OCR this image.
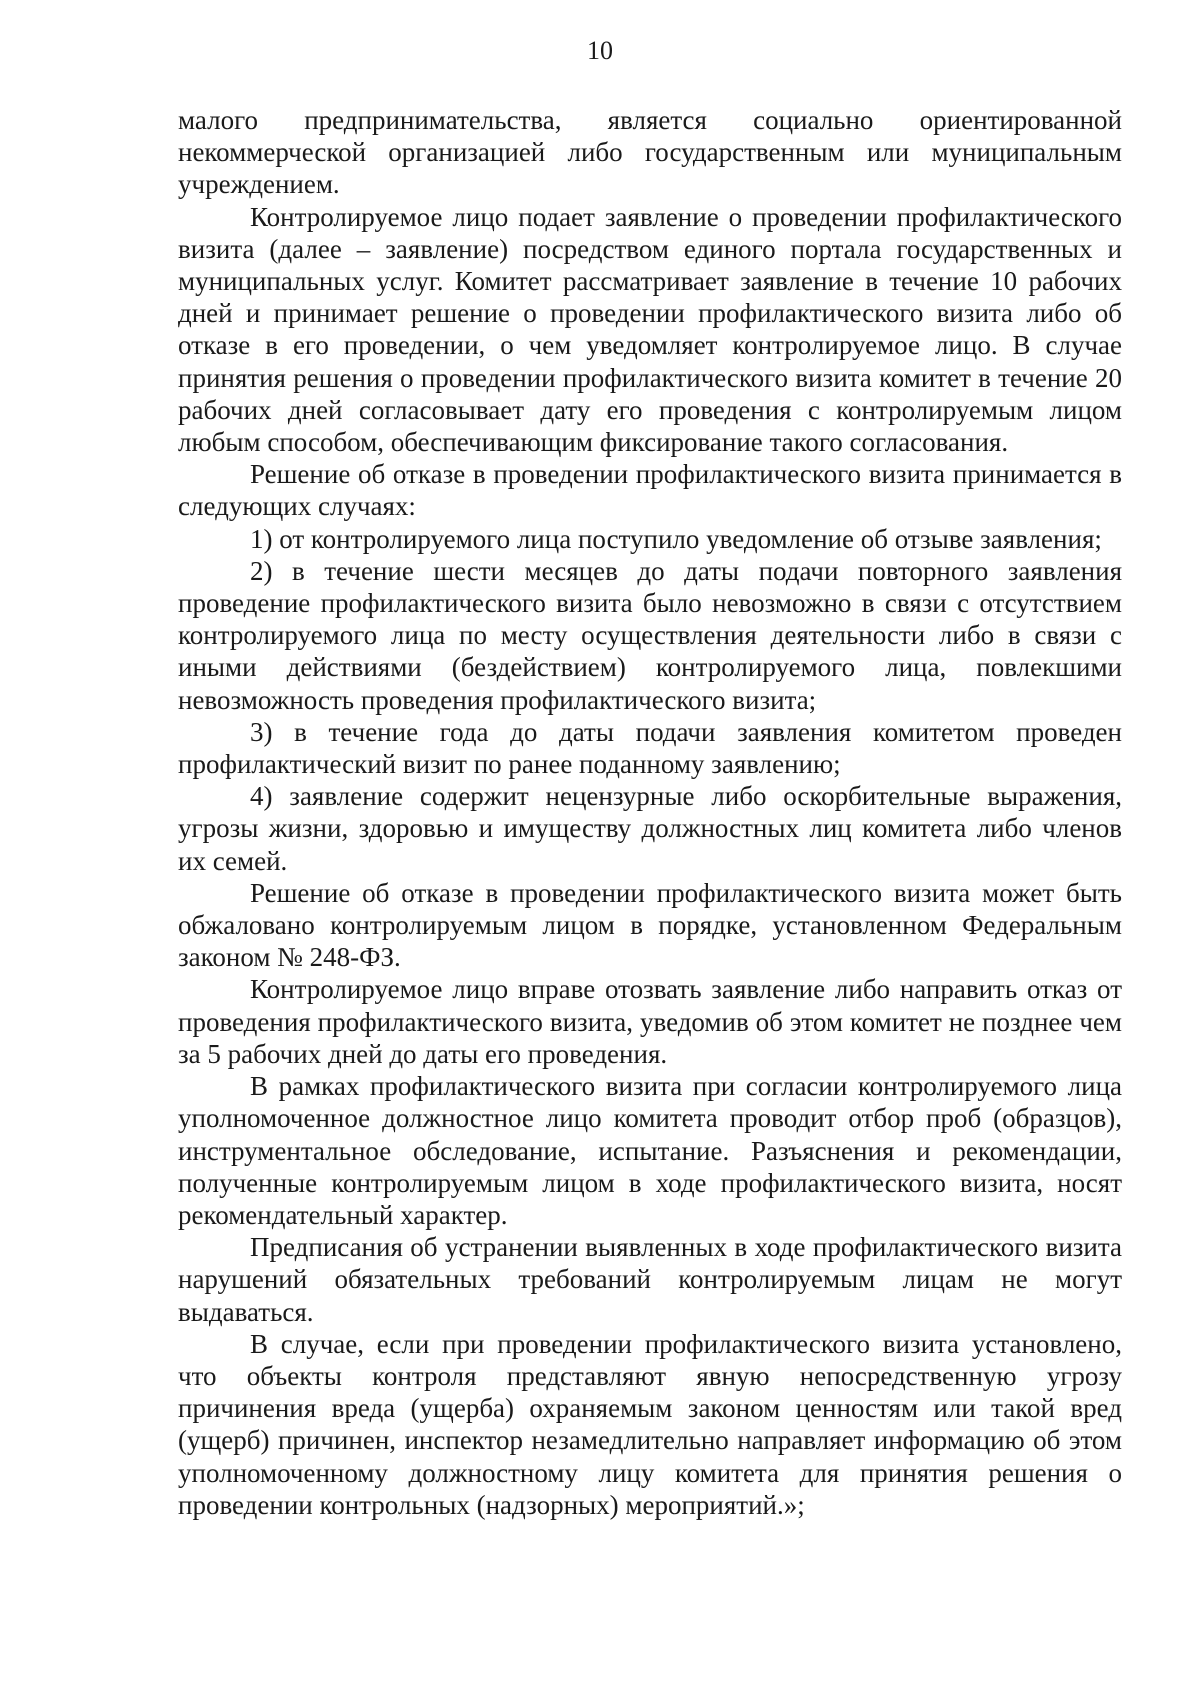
10

малого предпринимательства, является социально ориентированной некоммерческой организацией либо государственным или муниципальным учреждением.

Контролируемое лицо подает заявление о проведении профилактического визита (далее – заявление) посредством единого портала государственных и муниципальных услуг. Комитет рассматривает заявление в течение 10 рабочих дней и принимает решение о проведении профилактического визита либо об отказе в его проведении, о чем уведомляет контролируемое лицо. В случае принятия решения о проведении профилактического визита комитет в течение 20 рабочих дней согласовывает дату его проведения с контролируемым лицом любым способом, обеспечивающим фиксирование такого согласования.

Решение об отказе в проведении профилактического визита принимается в следующих случаях:

1) от контролируемого лица поступило уведомление об отзыве заявления;

2) в течение шести месяцев до даты подачи повторного заявления проведение профилактического визита было невозможно в связи с отсутствием контролируемого лица по месту осуществления деятельности либо в связи с иными действиями (бездействием) контролируемого лица, повлекшими невозможность проведения профилактического визита;

3) в течение года до даты подачи заявления комитетом проведен профилактический визит по ранее поданному заявлению;

4) заявление содержит нецензурные либо оскорбительные выражения, угрозы жизни, здоровью и имуществу должностных лиц комитета либо членов их семей.

Решение об отказе в проведении профилактического визита может быть обжаловано контролируемым лицом в порядке, установленном Федеральным законом № 248-ФЗ.

Контролируемое лицо вправе отозвать заявление либо направить отказ от проведения профилактического визита, уведомив об этом комитет не позднее чем за 5 рабочих дней до даты его проведения.

В рамках профилактического визита при согласии контролируемого лица уполномоченное должностное лицо комитета проводит отбор проб (образцов), инструментальное обследование, испытание. Разъяснения и рекомендации, полученные контролируемым лицом в ходе профилактического визита, носят рекомендательный характер.

Предписания об устранении выявленных в ходе профилактического визита нарушений обязательных требований контролируемым лицам не могут выдаваться.

В случае, если при проведении профилактического визита установлено, что объекты контроля представляют явную непосредственную угрозу причинения вреда (ущерба) охраняемым законом ценностям или такой вред (ущерб) причинен, инспектор незамедлительно направляет информацию об этом уполномоченному должностному лицу комитета для принятия решения о проведении контрольных (надзорных) мероприятий.»;
